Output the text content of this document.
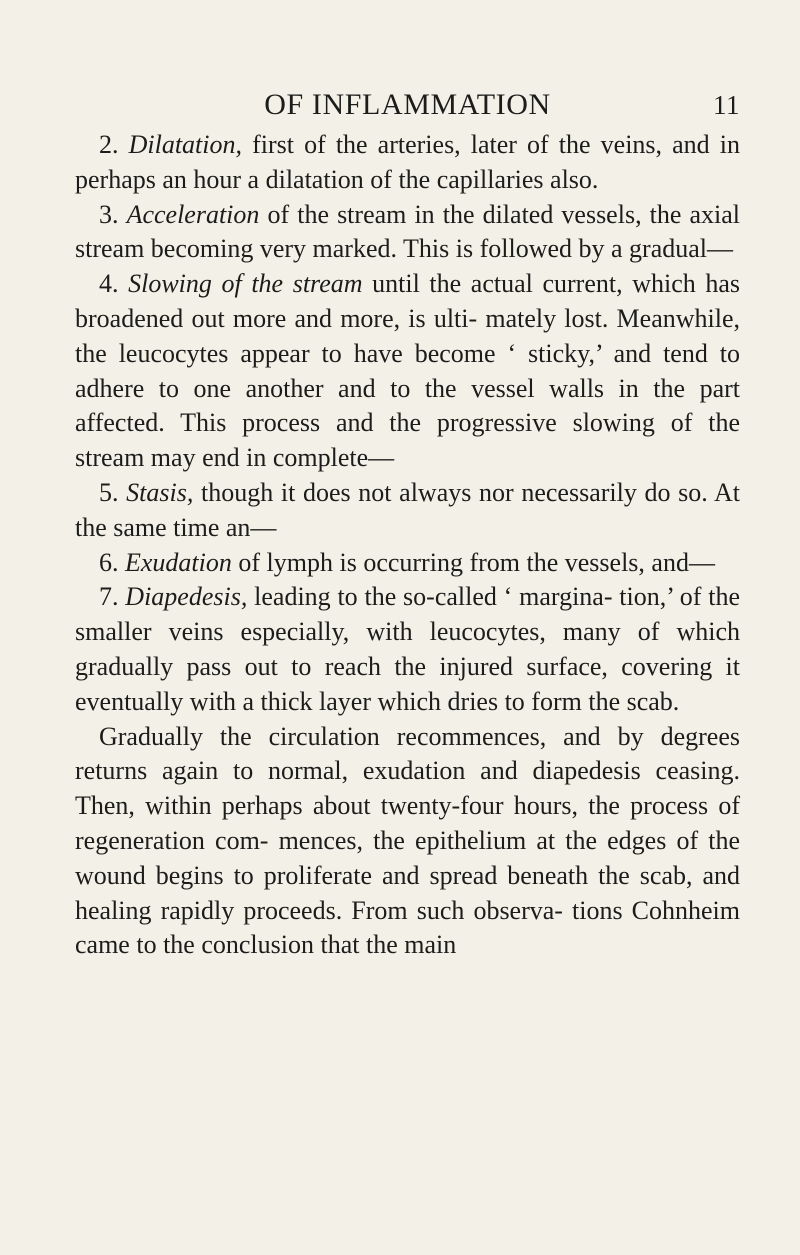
OF INFLAMMATION	11

2. Dilatation, first of the arteries, later of the veins, and in perhaps an hour a dilatation of the capillaries also.

3. Acceleration of the stream in the dilated vessels, the axial stream becoming very marked. This is followed by a gradual—

4. Slowing of the stream until the actual current, which has broadened out more and more, is ulti- mately lost. Meanwhile, the leucocytes appear to have become ‘ sticky,’ and tend to adhere to one another and to the vessel walls in the part affected. This process and the progressive slowing of the stream may end in complete—

5. Stasis, though it does not always nor necessarily do so. At the same time an—

6. Exudation of lymph is occurring from the vessels, and—

7. Diapedesis, leading to the so-called ‘ margina- tion,’ of the smaller veins especially, with leucocytes, many of which gradually pass out to reach the injured surface, covering it eventually with a thick layer which dries to form the scab.

Gradually the circulation recommences, and by degrees returns again to normal, exudation and diapedesis ceasing. Then, within perhaps about twenty-four hours, the process of regeneration com- mences, the epithelium at the edges of the wound begins to proliferate and spread beneath the scab, and healing rapidly proceeds. From such observa- tions Cohnheim came to the conclusion that the main
